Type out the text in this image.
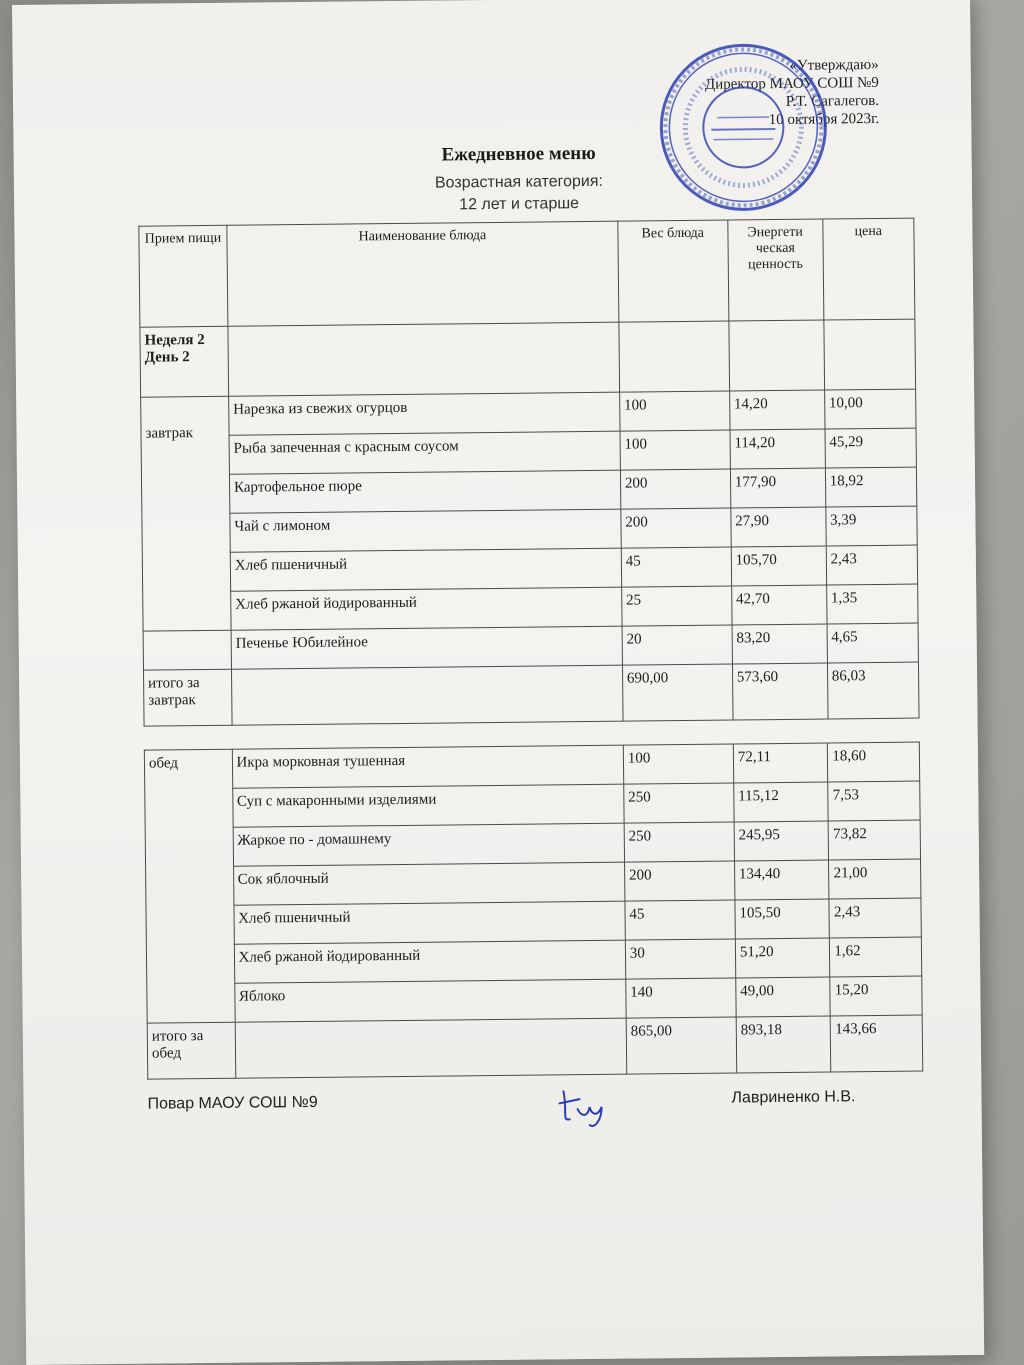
«Утверждаю»
Директор МАОУ СОШ №9
Р.Т. Сагалегов.
10 октября 2023г.
Ежедневное меню
Возрастная категория:
12 лет и старше
Прием пищи	Наименование блюда	Вес блюда	Энергети ческая ценность	цена
Неделя 2 День 2				
завтрак	Нарезка из свежих огурцов	100	14,20	10,00
	Рыба запеченная с красным соусом	100	114,20	45,29
	Картофельное пюре	200	177,90	18,92
	Чай с лимоном	200	27,90	3,39
	Хлеб пшеничный	45	105,70	2,43
	Хлеб ржаной йодированный	25	42,70	1,35
	Печенье Юбилейное	20	83,20	4,65
итого за завтрак		690,00	573,60	86,03
обед	Икра морковная тушенная	100	72,11	18,60
	Суп с макаронными изделиями	250	115,12	7,53
	Жаркое по - домашнему	250	245,95	73,82
	Сок яблочный	200	134,40	21,00
	Хлеб пшеничный	45	105,50	2,43
	Хлеб ржаной йодированный	30	51,20	1,62
	Яблоко	140	49,00	15,20
итого за обед		865,00	893,18	143,66
Повар МАОУ СОШ №9	Лавриненко Н.В.
